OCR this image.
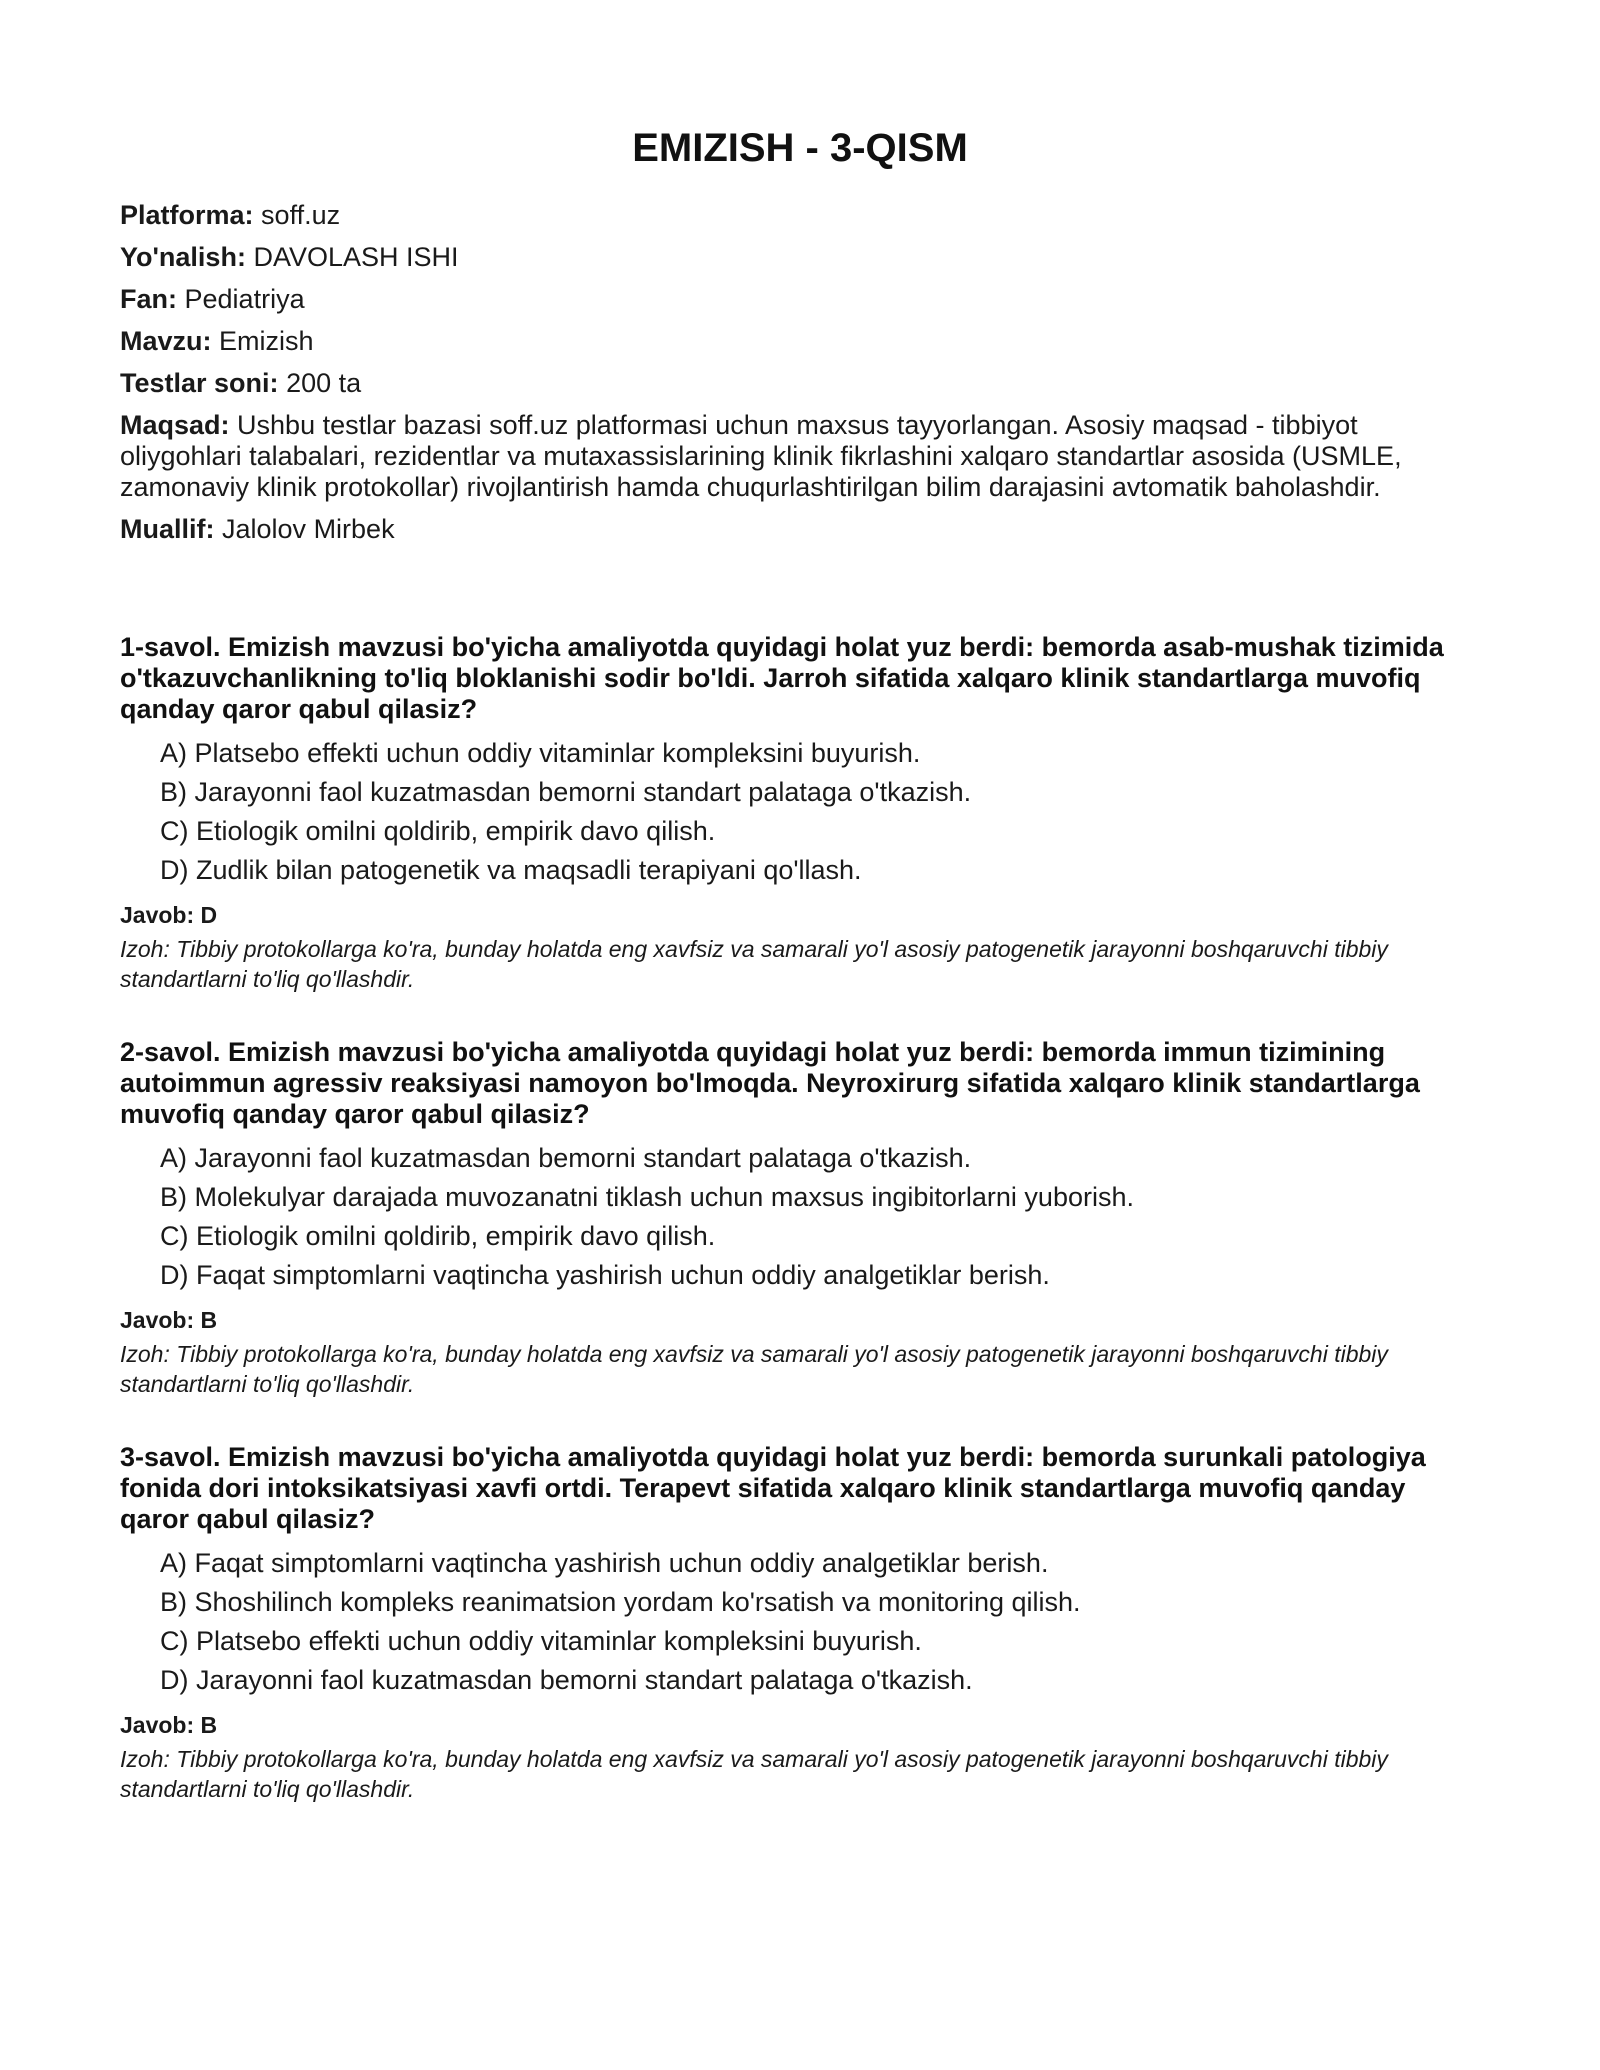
EMIZISH - 3-QISM

Platforma: soff.uz

Yo'nalish: DAVOLASH ISHI

Fan: Pediatriya

Mavzu: Emizish

Testlar soni: 200 ta

Maqsad: Ushbu testlar bazasi soff.uz platformasi uchun maxsus tayyorlangan. Asosiy maqsad - tibbiyot oliygohlari talabalari, rezidentlar va mutaxassislarining klinik fikrlashini xalqaro standartlar asosida (USMLE, zamonaviy klinik protokollar) rivojlantirish hamda chuqurlashtirilgan bilim darajasini avtomatik baholashdir.

Muallif: Jalolov Mirbek

1-savol. Emizish mavzusi bo'yicha amaliyotda quyidagi holat yuz berdi: bemorda asab-mushak tizimida o'tkazuvchanlikning to'liq bloklanishi sodir bo'ldi. Jarroh sifatida xalqaro klinik standartlarga muvofiq qanday qaror qabul qilasiz?

A) Platsebo effekti uchun oddiy vitaminlar kompleksini buyurish.
B) Jarayonni faol kuzatmasdan bemorni standart palataga o'tkazish.
C) Etiologik omilni qoldirib, empirik davo qilish.
D) Zudlik bilan patogenetik va maqsadli terapiyani qo'llash.

Javob: D

Izoh: Tibbiy protokollarga ko'ra, bunday holatda eng xavfsiz va samarali yo'l asosiy patogenetik jarayonni boshqaruvchi tibbiy standartlarni to'liq qo'llashdir.

2-savol. Emizish mavzusi bo'yicha amaliyotda quyidagi holat yuz berdi: bemorda immun tizimining autoimmun agressiv reaksiyasi namoyon bo'lmoqda. Neyroxirurg sifatida xalqaro klinik standartlarga muvofiq qanday qaror qabul qilasiz?

A) Jarayonni faol kuzatmasdan bemorni standart palataga o'tkazish.
B) Molekulyar darajada muvozanatni tiklash uchun maxsus ingibitorlarni yuborish.
C) Etiologik omilni qoldirib, empirik davo qilish.
D) Faqat simptomlarni vaqtincha yashirish uchun oddiy analgetiklar berish.

Javob: B

Izoh: Tibbiy protokollarga ko'ra, bunday holatda eng xavfsiz va samarali yo'l asosiy patogenetik jarayonni boshqaruvchi tibbiy standartlarni to'liq qo'llashdir.

3-savol. Emizish mavzusi bo'yicha amaliyotda quyidagi holat yuz berdi: bemorda surunkali patologiya fonida dori intoksikatsiyasi xavfi ortdi. Terapevt sifatida xalqaro klinik standartlarga muvofiq qanday qaror qabul qilasiz?

A) Faqat simptomlarni vaqtincha yashirish uchun oddiy analgetiklar berish.
B) Shoshilinch kompleks reanimatsion yordam ko'rsatish va monitoring qilish.
C) Platsebo effekti uchun oddiy vitaminlar kompleksini buyurish.
D) Jarayonni faol kuzatmasdan bemorni standart palataga o'tkazish.

Javob: B

Izoh: Tibbiy protokollarga ko'ra, bunday holatda eng xavfsiz va samarali yo'l asosiy patogenetik jarayonni boshqaruvchi tibbiy standartlarni to'liq qo'llashdir.
